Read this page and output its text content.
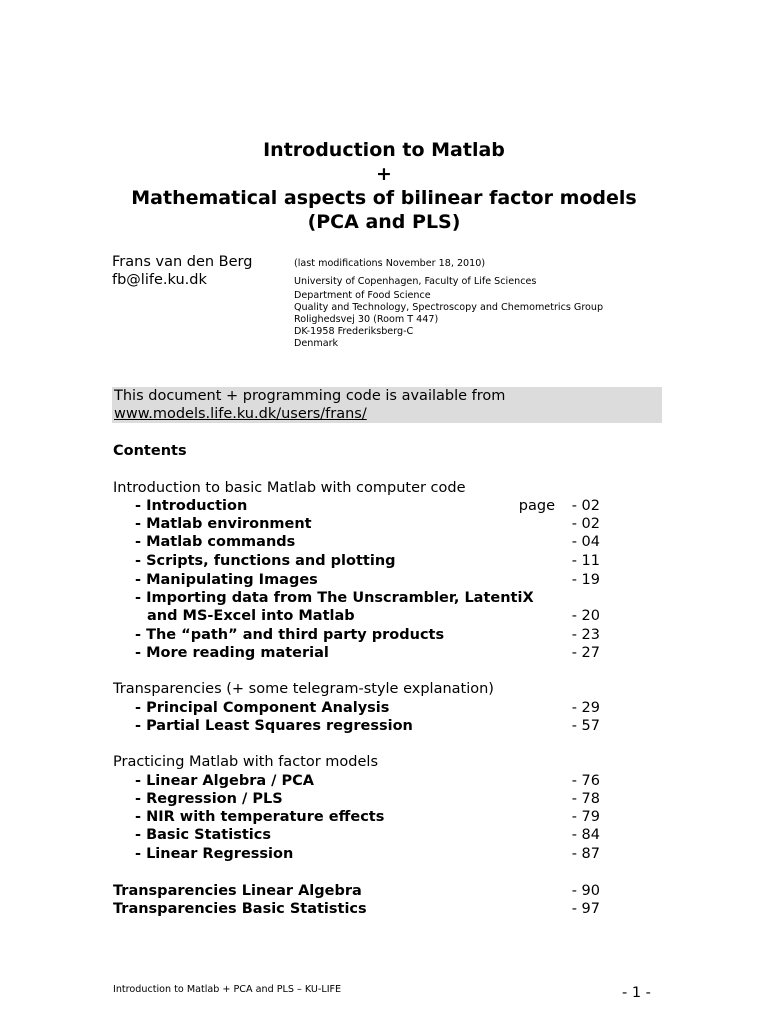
Introduction to Matlab
+
Mathematical aspects of bilinear factor models
(PCA and PLS)
Frans van den Berg
fb@life.ku.dk
(last modifications November 18, 2010)
University of Copenhagen, Faculty of Life Sciences
Department of Food Science
Quality and Technology, Spectroscopy and Chemometrics Group
Rolighedsvej 30 (Room T 447)
DK-1958 Frederiksberg-C
Denmark
This document + programming code is available from
www.models.life.ku.dk/users/frans/
Contents
Introduction to basic Matlab with computer code
- Introduction	page - 02
- Matlab environment	- 02
- Matlab commands	- 04
- Scripts, functions and plotting	- 11
- Manipulating Images	- 19
- Importing data from The Unscrambler, LatentiX
and MS-Excel into Matlab	- 20
- The “path” and third party products	- 23
- More reading material	- 27
Transparencies (+ some telegram-style explanation)
- Principal Component Analysis	- 29
- Partial Least Squares regression	- 57
Practicing Matlab with factor models
- Linear Algebra / PCA	- 76
- Regression / PLS	- 78
- NIR with temperature effects	- 79
- Basic Statistics	- 84
- Linear Regression	- 87
Transparencies Linear Algebra	- 90
Transparencies Basic Statistics	- 97
Introduction to Matlab + PCA and PLS – KU-LIFE	- 1 -
